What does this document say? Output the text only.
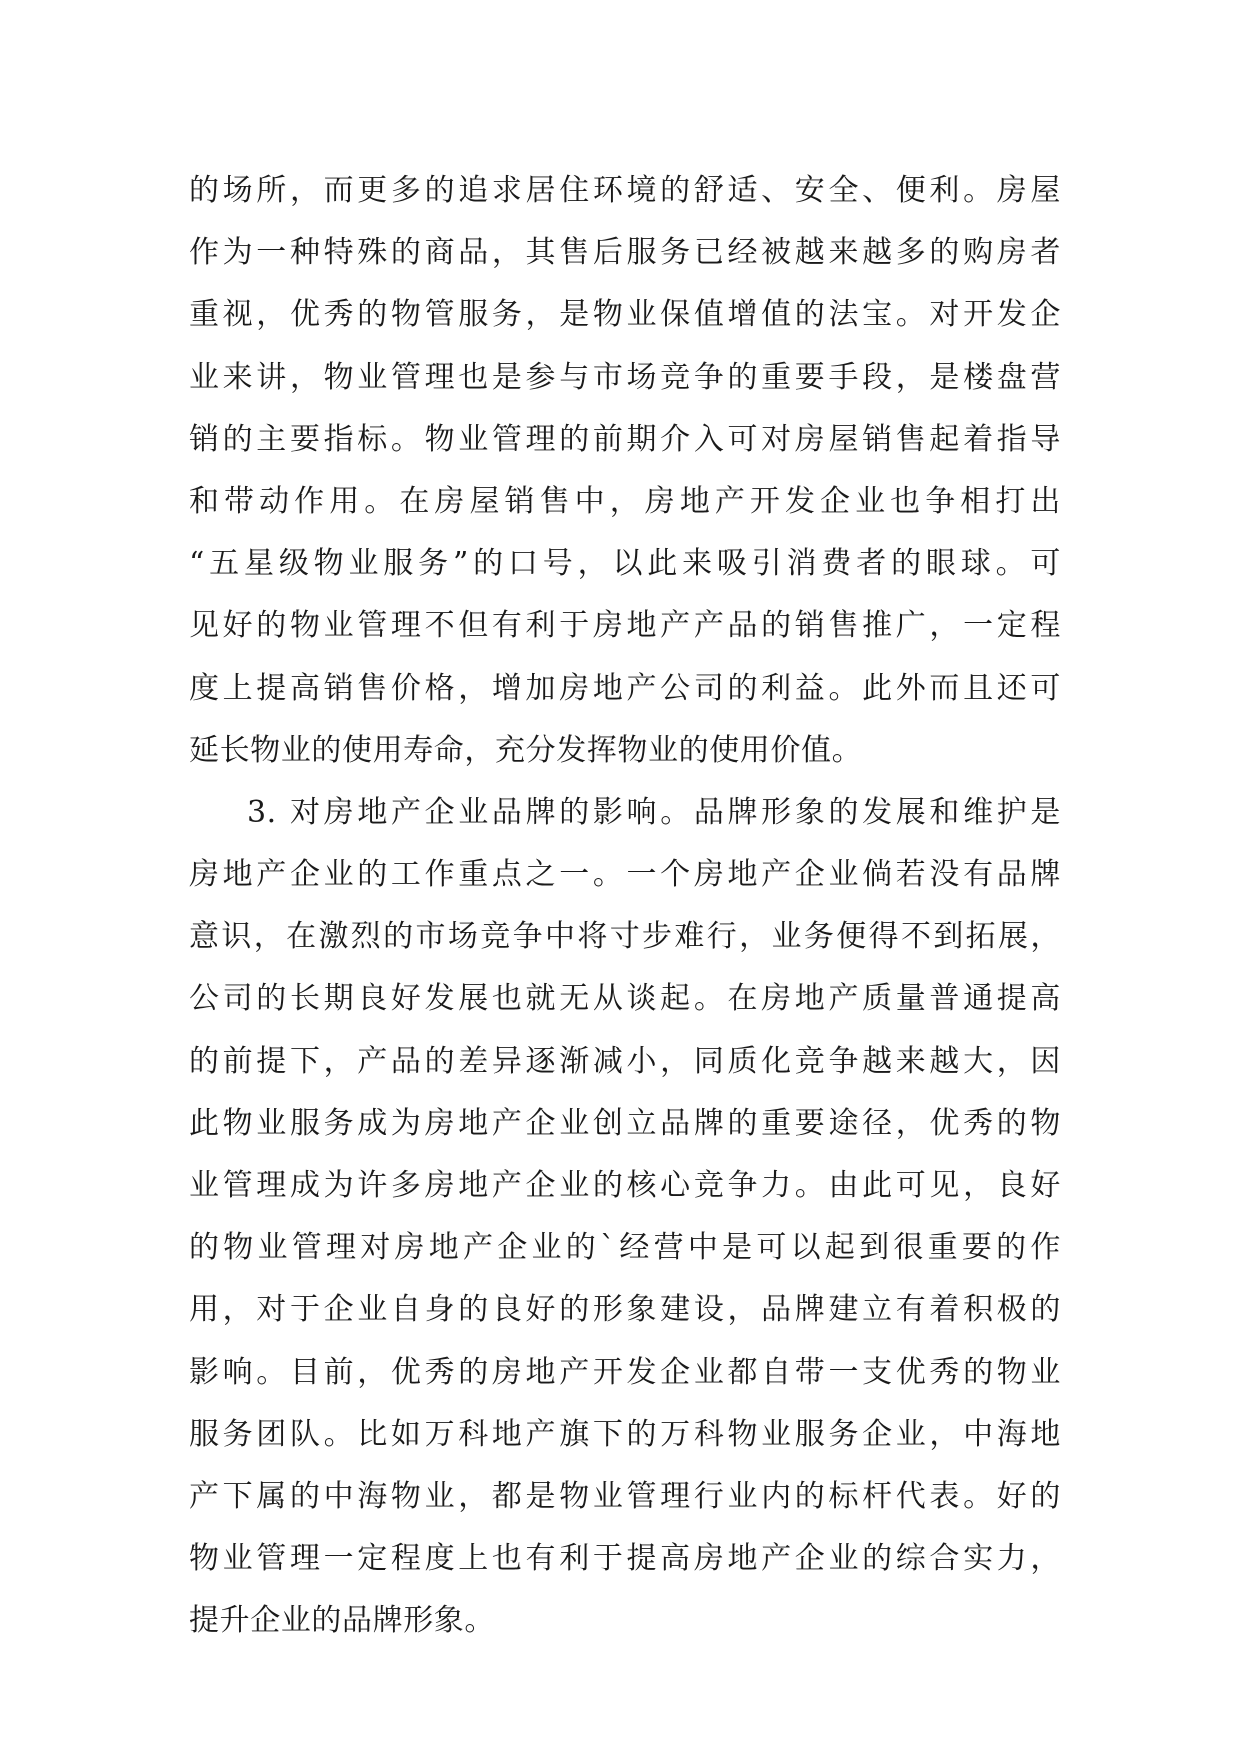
的场所，而更多的追求居住环境的舒适、安全、便利。房屋
作为一种特殊的商品，其售后服务已经被越来越多的购房者
重视，优秀的物管服务，是物业保值增值的法宝。对开发企
业来讲，物业管理也是参与市场竞争的重要手段，是楼盘营
销的主要指标。物业管理的前期介入可对房屋销售起着指导
和带动作用。在房屋销售中，房地产开发企业也争相打出
“五星级物业服务”的口号，以此来吸引消费者的眼球。可
见好的物业管理不但有利于房地产产品的销售推广，一定程
度上提高销售价格，增加房地产公司的利益。此外而且还可
延长物业的使用寿命，充分发挥物业的使用价值。
3. 对房地产企业品牌的影响。品牌形象的发展和维护是
房地产企业的工作重点之一。一个房地产企业倘若没有品牌
意识，在激烈的市场竞争中将寸步难行，业务便得不到拓展，
公司的长期良好发展也就无从谈起。在房地产质量普通提高
的前提下，产品的差异逐渐减小，同质化竞争越来越大，因
此物业服务成为房地产企业创立品牌的重要途径，优秀的物
业管理成为许多房地产企业的核心竞争力。由此可见，良好
的物业管理对房地产企业的`经营中是可以起到很重要的作
用，对于企业自身的良好的形象建设，品牌建立有着积极的
影响。目前，优秀的房地产开发企业都自带一支优秀的物业
服务团队。比如万科地产旗下的万科物业服务企业，中海地
产下属的中海物业，都是物业管理行业内的标杆代表。好的
物业管理一定程度上也有利于提高房地产企业的综合实力，
提升企业的品牌形象。
